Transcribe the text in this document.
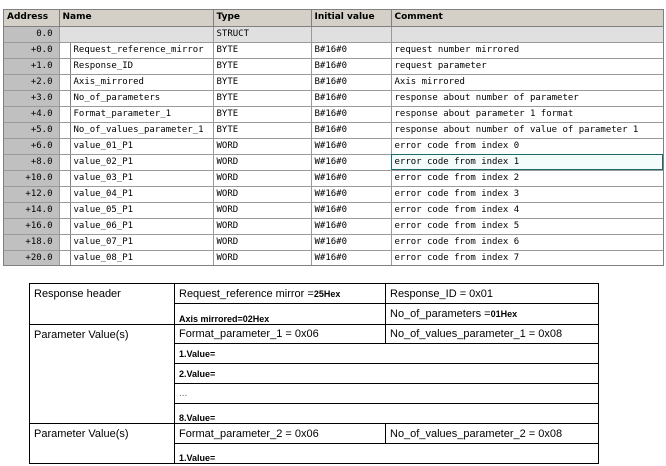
Address	Name	Type	Initial value	Comment
0.0		STRUCT		
+0.0	Request_reference_mirror	BYTE	B#16#0	request number mirrored
+1.0	Response_ID	BYTE	B#16#0	request parameter
+2.0	Axis_mirrored	BYTE	B#16#0	Axis mirrored
+3.0	No_of_parameters	BYTE	B#16#0	response about number of parameter
+4.0	Format_parameter_1	BYTE	B#16#0	response about parameter 1 format
+5.0	No_of_values_parameter_1	BYTE	B#16#0	response about number of value of parameter 1
+6.0	value_01_P1	WORD	W#16#0	error code from index 0
+8.0	value_02_P1	WORD	W#16#0	error code from index 1
+10.0	value_03_P1	WORD	W#16#0	error code from index 2
+12.0	value_04_P1	WORD	W#16#0	error code from index 3
+14.0	value_05_P1	WORD	W#16#0	error code from index 4
+16.0	value_06_P1	WORD	W#16#0	error code from index 5
+18.0	value_07_P1	WORD	W#16#0	error code from index 6
+20.0	value_08_P1	WORD	W#16#0	error code from index 7
Response header	Request_reference mirror =25Hex	Response_ID = 0x01
	Axis mirrored=02Hex	No_of_parameters =01Hex
Parameter Value(s)	Format_parameter_1 = 0x06	No_of_values_parameter_1 = 0x08
	1.Value=	
	2.Value=	
	...	
	8.Value=	
Parameter Value(s)	Format_parameter_2 = 0x06	No_of_values_parameter_2 = 0x08
	1.Value=	
